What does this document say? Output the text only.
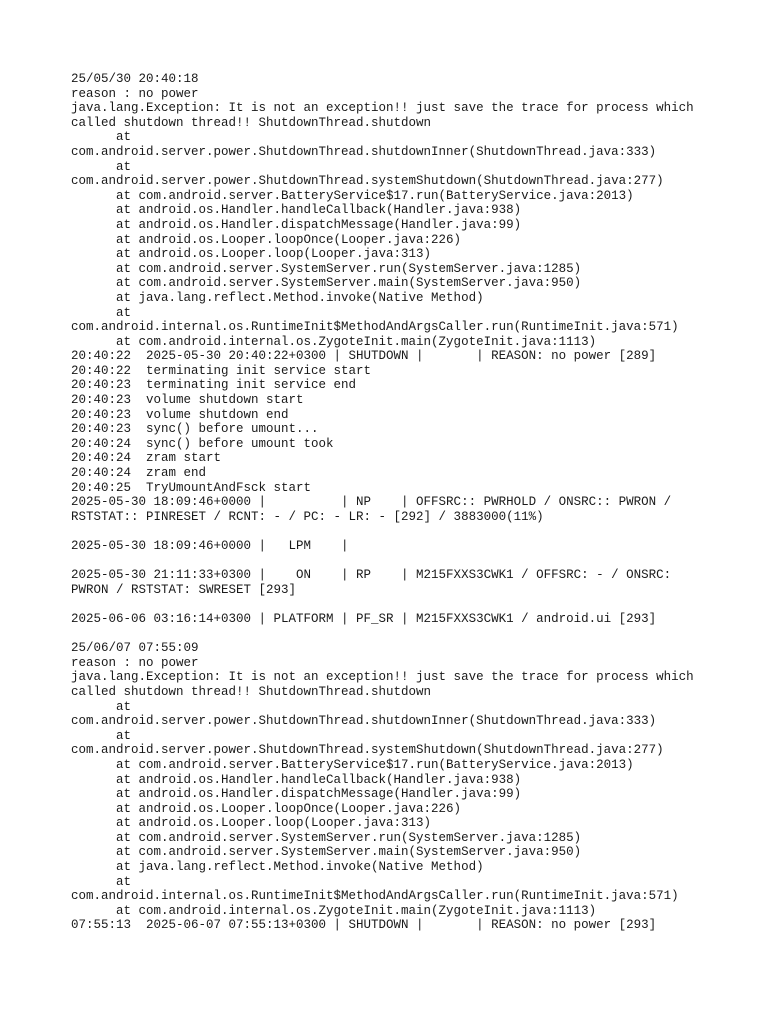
25/05/30 20:40:18
reason : no power
java.lang.Exception: It is not an exception!! just save the trace for process which
called shutdown thread!! ShutdownThread.shutdown
at
com.android.server.power.ShutdownThread.shutdownInner(ShutdownThread.java:333)
at
com.android.server.power.ShutdownThread.systemShutdown(ShutdownThread.java:277)
at com.android.server.BatteryService$17.run(BatteryService.java:2013)
at android.os.Handler.handleCallback(Handler.java:938)
at android.os.Handler.dispatchMessage(Handler.java:99)
at android.os.Looper.loopOnce(Looper.java:226)
at android.os.Looper.loop(Looper.java:313)
at com.android.server.SystemServer.run(SystemServer.java:1285)
at com.android.server.SystemServer.main(SystemServer.java:950)
at java.lang.reflect.Method.invoke(Native Method)
at
com.android.internal.os.RuntimeInit$MethodAndArgsCaller.run(RuntimeInit.java:571)
at com.android.internal.os.ZygoteInit.main(ZygoteInit.java:1113)
20:40:22  2025-05-30 20:40:22+0300 | SHUTDOWN |       | REASON: no power [289]
20:40:22  terminating init service start
20:40:23  terminating init service end
20:40:23  volume shutdown start
20:40:23  volume shutdown end
20:40:23  sync() before umount...
20:40:24  sync() before umount took
20:40:24  zram start
20:40:24  zram end
20:40:25  TryUmountAndFsck start
2025-05-30 18:09:46+0000 |          | NP    | OFFSRC:: PWRHOLD / ONSRC:: PWRON /
RSTSTAT:: PINRESET / RCNT: - / PC: - LR: - [292] / 3883000(11%)
2025-05-30 18:09:46+0000 |   LPM    |
2025-05-30 21:11:33+0300 |    ON    | RP    | M215FXXS3CWK1 / OFFSRC: - / ONSRC:
PWRON / RSTSTAT: SWRESET [293]
2025-06-06 03:16:14+0300 | PLATFORM | PF_SR | M215FXXS3CWK1 / android.ui [293]
25/06/07 07:55:09
reason : no power
java.lang.Exception: It is not an exception!! just save the trace for process which
called shutdown thread!! ShutdownThread.shutdown
at
com.android.server.power.ShutdownThread.shutdownInner(ShutdownThread.java:333)
at
com.android.server.power.ShutdownThread.systemShutdown(ShutdownThread.java:277)
at com.android.server.BatteryService$17.run(BatteryService.java:2013)
at android.os.Handler.handleCallback(Handler.java:938)
at android.os.Handler.dispatchMessage(Handler.java:99)
at android.os.Looper.loopOnce(Looper.java:226)
at android.os.Looper.loop(Looper.java:313)
at com.android.server.SystemServer.run(SystemServer.java:1285)
at com.android.server.SystemServer.main(SystemServer.java:950)
at java.lang.reflect.Method.invoke(Native Method)
at
com.android.internal.os.RuntimeInit$MethodAndArgsCaller.run(RuntimeInit.java:571)
at com.android.internal.os.ZygoteInit.main(ZygoteInit.java:1113)
07:55:13  2025-06-07 07:55:13+0300 | SHUTDOWN |       | REASON: no power [293]
